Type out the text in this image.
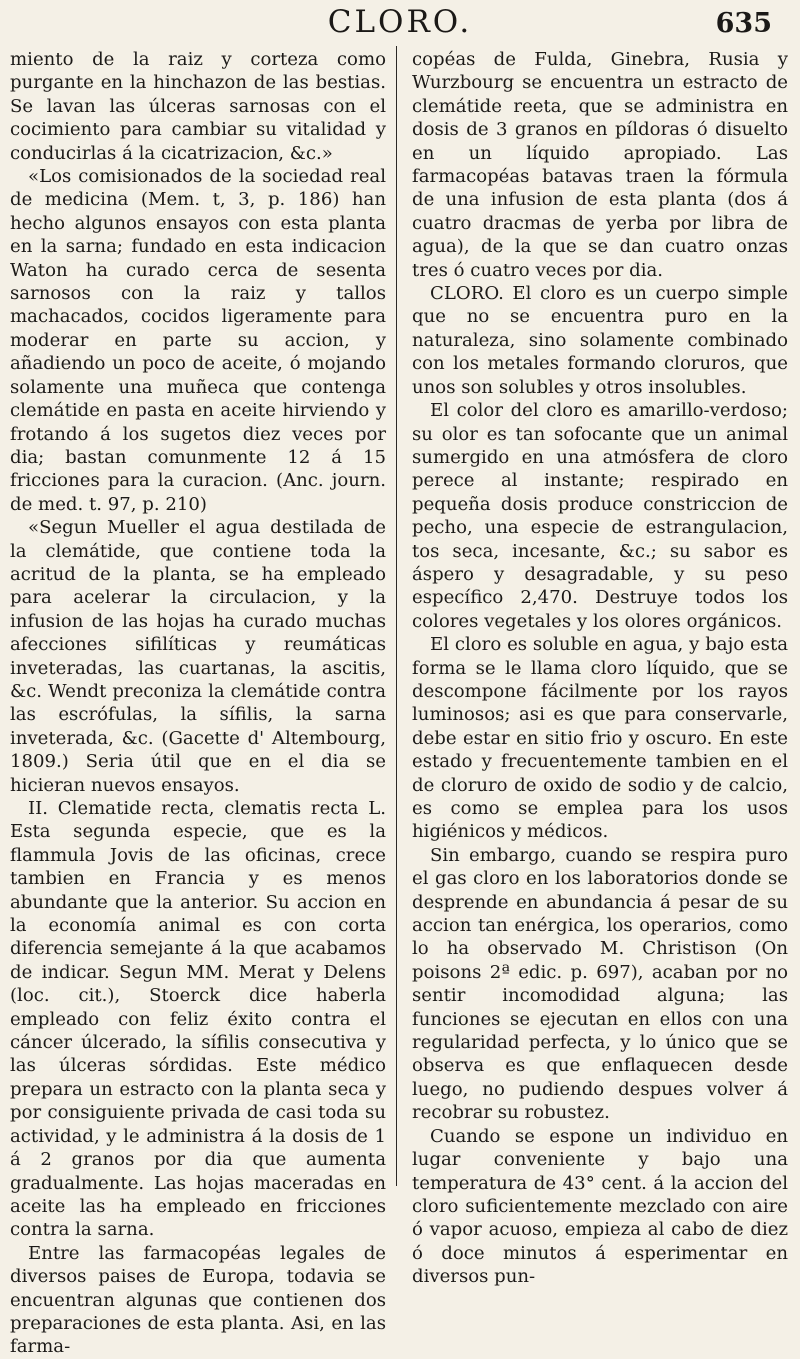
CLORO.	635

miento de la raiz y corteza como purgante en la hinchazon de las bestias. Se lavan las úlceras sarnosas con el cocimiento para cambiar su vitalidad y conducirlas á la cicatrizacion, &c.»

«Los comisionados de la sociedad real de medicina (Mem. t, 3, p. 186) han hecho algunos ensayos con esta planta en la sarna; fundado en esta indicacion Waton ha curado cerca de sesenta sarnosos con la raiz y tallos machacados, cocidos ligeramente para moderar en parte su accion, y añadiendo un poco de aceite, ó mojando solamente una muñeca que contenga clemátide en pasta en aceite hirviendo y frotando á los sugetos diez veces por dia; bastan comunmente 12 á 15 fricciones para la curacion. (Anc. journ. de med. t. 97, p. 210)

«Segun Mueller el agua destilada de la clemátide, que contiene toda la acritud de la planta, se ha empleado para acelerar la circulacion, y la infusion de las hojas ha curado muchas afecciones sifilíticas y reumáticas inveteradas, las cuartanas, la ascitis, &c. Wendt preconiza la clemátide contra las escrófulas, la sífilis, la sarna inveterada, &c. (Gacette d' Altembourg, 1809.) Seria útil que en el dia se hicieran nuevos ensayos.

II. Clematide recta, clematis recta L. Esta segunda especie, que es la flammula Jovis de las oficinas, crece tambien en Francia y es menos abundante que la anterior. Su accion en la economía animal es con corta diferencia semejante á la que acabamos de indicar. Segun MM. Merat y Delens (loc. cit.), Stoerck dice haberla empleado con feliz éxito contra el cáncer úlcerado, la sífilis consecutiva y las úlceras sórdidas. Este médico prepara un estracto con la planta seca y por consiguiente privada de casi toda su actividad, y le administra á la dosis de 1 á 2 granos por dia que aumenta gradualmente. Las hojas maceradas en aceite las ha empleado en fricciones contra la sarna.

Entre las farmacopéas legales de diversos paises de Europa, todavia se encuentran algunas que contienen dos preparaciones de esta planta. Asi, en las farma-

copéas de Fulda, Ginebra, Rusia y Wurzbourg se encuentra un estracto de clemátide reeta, que se administra en dosis de 3 granos en píldoras ó disuelto en un líquido apropiado. Las farmacopéas batavas traen la fórmula de una infusion de esta planta (dos á cuatro dracmas de yerba por libra de agua), de la que se dan cuatro onzas tres ó cuatro veces por dia.

CLORO. El cloro es un cuerpo simple que no se encuentra puro en la naturaleza, sino solamente combinado con los metales formando cloruros, que unos son solubles y otros insolubles.

El color del cloro es amarillo-verdoso; su olor es tan sofocante que un animal sumergido en una atmósfera de cloro perece al instante; respirado en pequeña dosis produce constriccion de pecho, una especie de estrangulacion, tos seca, incesante, &c.; su sabor es áspero y desagradable, y su peso específico 2,470. Destruye todos los colores vegetales y los olores orgánicos.

El cloro es soluble en agua, y bajo esta forma se le llama cloro líquido, que se descompone fácilmente por los rayos luminosos; asi es que para conservarle, debe estar en sitio frio y oscuro. En este estado y frecuentemente tambien en el de cloruro de oxido de sodio y de calcio, es como se emplea para los usos higiénicos y médicos.

Sin embargo, cuando se respira puro el gas cloro en los laboratorios donde se desprende en abundancia á pesar de su accion tan enérgica, los operarios, como lo ha observado M. Christison (On poisons 2ª edic. p. 697), acaban por no sentir incomodidad alguna; las funciones se ejecutan en ellos con una regularidad perfecta, y lo único que se observa es que enflaquecen desde luego, no pudiendo despues volver á recobrar su robustez.

Cuando se espone un individuo en lugar conveniente y bajo una temperatura de 43° cent. á la accion del cloro suficientemente mezclado con aire ó vapor acuoso, empieza al cabo de diez ó doce minutos á esperimentar en diversos pun-
